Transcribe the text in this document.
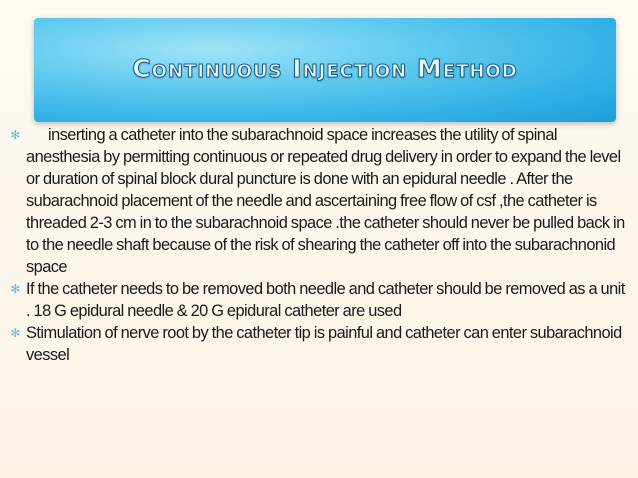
Continuous Injection Method
✻	inserting a catheter into the subarachnoid space increases the utility of spinal anesthesia by permitting continuous or repeated drug delivery in order to expand the level or duration of spinal block dural puncture is done with an epidural needle . After the subarachnoid placement of the needle and ascertaining free flow of csf ,the catheter is threaded 2-3 cm in to the subarachnoid space .the catheter should never be pulled back in to the needle shaft because of the risk of shearing the catheter off into the subarachnonid space
✻ If the catheter needs to be removed both needle and catheter should be removed as a unit . 18 G epidural needle & 20 G epidural catheter are used
✻ Stimulation of nerve root by the catheter tip is painful and catheter can enter subarachnoid vessel
